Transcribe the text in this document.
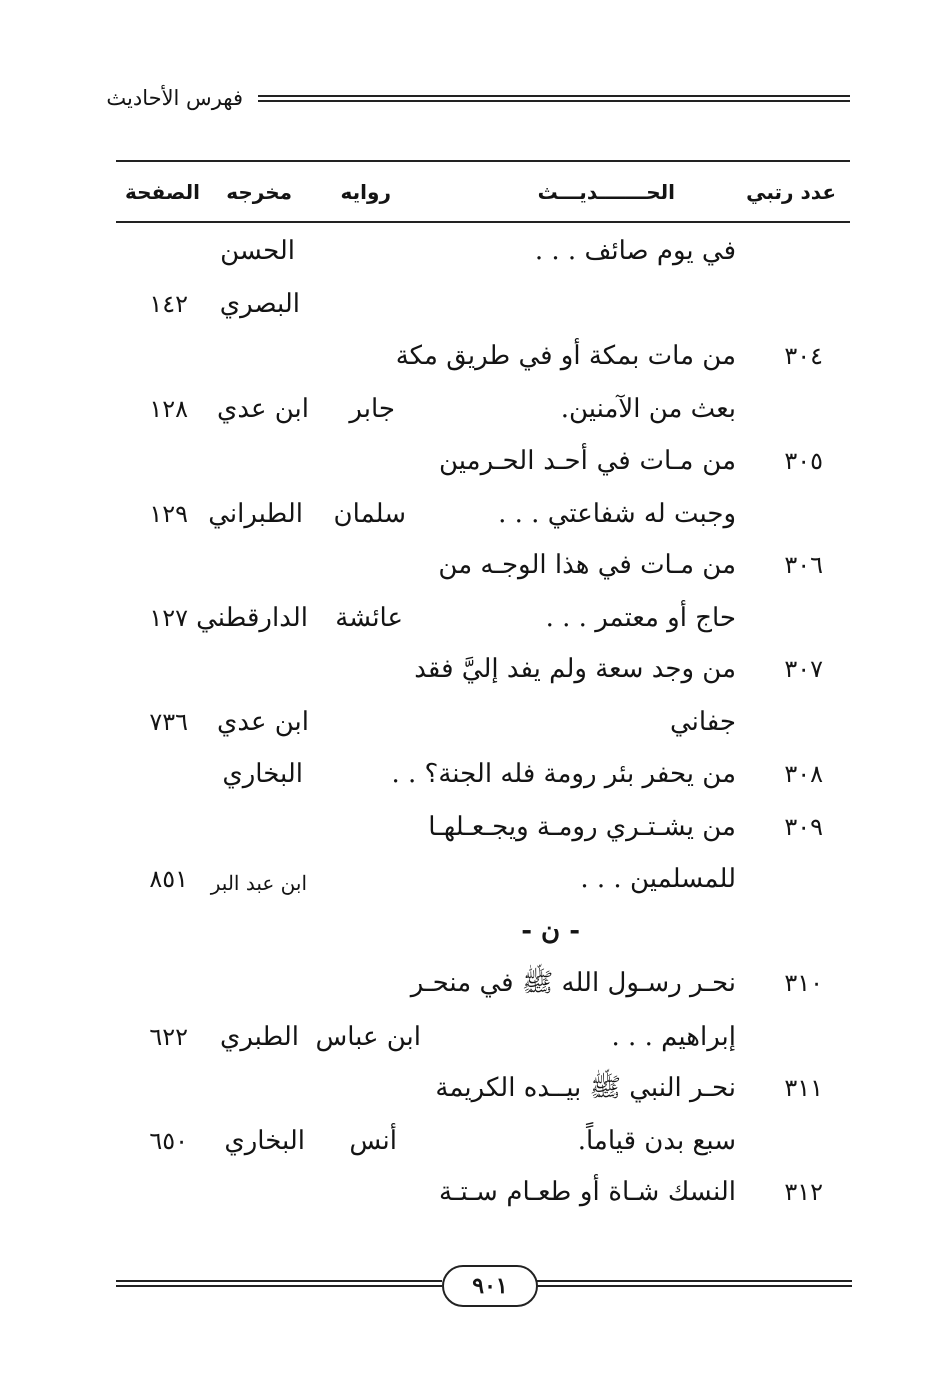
فهرس الأحاديث
عدد رتبي
الحـــــــديـــث
روايه
مخرجه
الصفحة
في يوم صائف . . .
الحسن
البصري
١٤٢
٣٠٤
من مات بمكة أو في طريق مكة
بعث من الآمنين.
جابر
ابن عدي
١٢٨
٣٠٥
من مـات في أحـد الحـرمين
وجبت له شفاعتي . . .
سلمان
الطبراني
١٢٩
٣٠٦
من مـات في هذا الوجـه من
حاج أو معتمر . . .
عائشة
الدارقطني
١٢٧
٣٠٧
من وجد سعة ولم يفد إليَّ فقد
جفاني
ابن عدي
٧٣٦
٣٠٨
من يحفر بئر رومة فله الجنة؟ . .
البخاري
٣٠٩
من يشـتـري رومـة ويجـعـلهـا
للمسلمين . . .
ابن عبد البر
٨٥١
- ن -
٣١٠
نحـر رسـول الله ﷺ في منحـر
إبراهيم . . .
ابن عباس
الطبري
٦٢٢
٣١١
نحـر النبي ﷺ بيــده الكريمة
سبع بدن قياماً.
أنس
البخاري
٦٥٠
٣١٢
النسك شـاة أو طعـام سـتـة
٩٠١
